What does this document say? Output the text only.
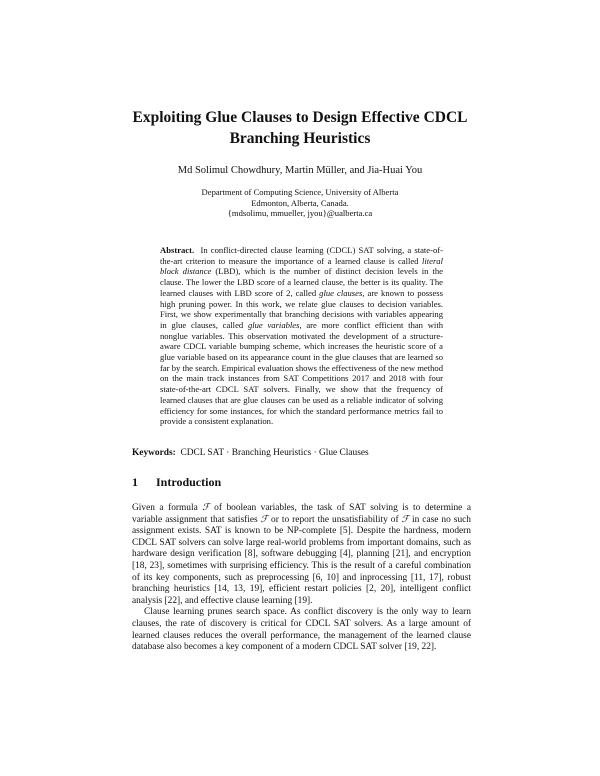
Exploiting Glue Clauses to Design Effective CDCL
Branching Heuristics
Md Solimul Chowdhury, Martin Müller, and Jia-Huai You
Department of Computing Science, University of Alberta
Edmonton, Alberta, Canada.
{mdsolimu, mmueller, jyou}@ualberta.ca
Abstract. In conflict-directed clause learning (CDCL) SAT solving, a state-of-the-art criterion to measure the importance of a learned clause is called literal block distance (LBD), which is the number of distinct decision levels in the clause. The lower the LBD score of a learned clause, the better is its quality. The learned clauses with LBD score of 2, called glue clauses, are known to possess high pruning power. In this work, we relate glue clauses to decision variables. First, we show experimentally that branching decisions with variables appearing in glue clauses, called glue variables, are more conflict efficient than with nonglue variables. This observation motivated the development of a structure-aware CDCL variable bumping scheme, which increases the heuristic score of a glue variable based on its appearance count in the glue clauses that are learned so far by the search. Empirical evaluation shows the effectiveness of the new method on the main track instances from SAT Competitions 2017 and 2018 with four state-of-the-art CDCL SAT solvers. Finally, we show that the frequency of learned clauses that are glue clauses can be used as a reliable indicator of solving efficiency for some instances, for which the standard performance metrics fail to provide a consistent explanation.
Keywords: CDCL SAT · Branching Heuristics · Glue Clauses
1 Introduction

Given a formula ℱ of boolean variables, the task of SAT solving is to determine a variable assignment that satisfies ℱ or to report the unsatisfiability of ℱ in case no such assignment exists. SAT is known to be NP-complete [5]. Despite the hardness, modern CDCL SAT solvers can solve large real-world problems from important domains, such as hardware design verification [8], software debugging [4], planning [21], and encryption [18, 23], sometimes with surprising efficiency. This is the result of a careful combination of its key components, such as preprocessing [6, 10] and inprocessing [11, 17], robust branching heuristics [14, 13, 19], efficient restart policies [2, 20], intelligent conflict analysis [22], and effective clause learning [19].

Clause learning prunes search space. As conflict discovery is the only way to learn clauses, the rate of discovery is critical for CDCL SAT solvers. As a large amount of learned clauses reduces the overall performance, the management of the learned clause database also becomes a key component of a modern CDCL SAT solver [19, 22].
